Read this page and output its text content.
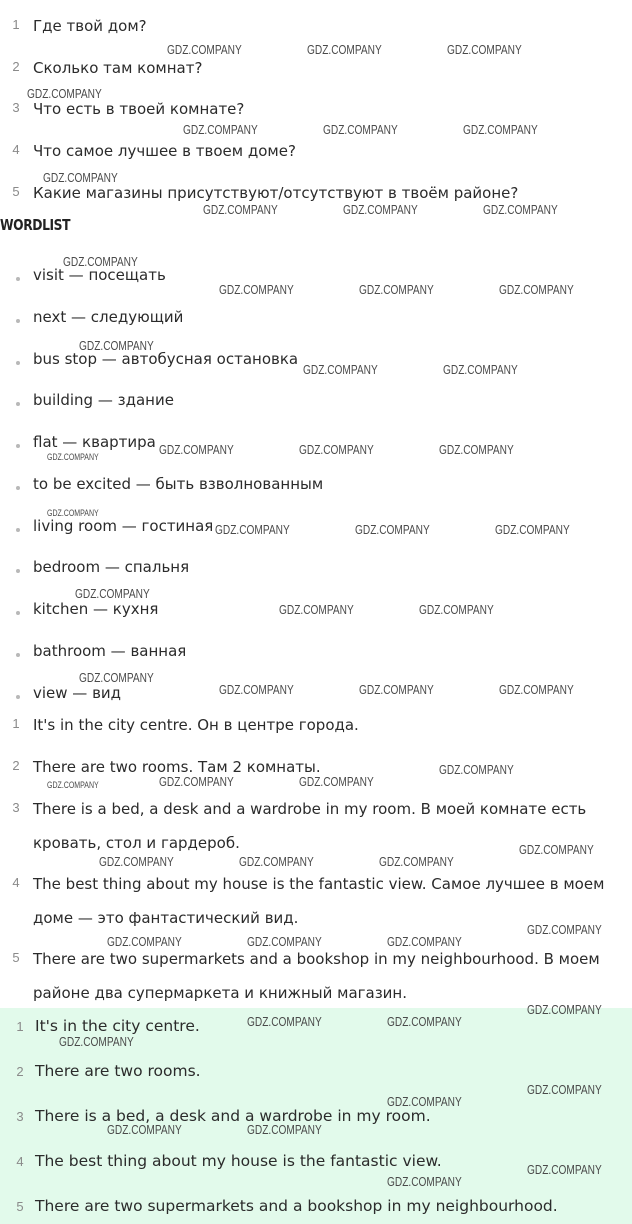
1 Где твой дом?
2 Сколько там комнат?
3 Что есть в твоей комнате?
4 Что самое лучшее в твоем доме?
5 Какие магазины присутствуют/отсутствуют в твоём районе?
WORDLIST
visit — посещать
next — следующий
bus stop — автобусная остановка
building — здание
flat — квартира
to be excited — быть взволнованным
living room — гостиная
bedroom — спальня
kitchen — кухня
bathroom — ванная
view — вид
1 It's in the city centre. Он в центре города.
2 There are two rooms. Там 2 комнаты.
3 There is a bed, a desk and a wardrobe in my room. В моей комнате есть кровать, стол и гардероб.
4 The best thing about my house is the fantastic view. Самое лучшее в моем доме — это фантастический вид.
5 There are two supermarkets and a bookshop in my neighbourhood. В моем районе два супермаркета и книжный магазин.
1 It's in the city centre.
2 There are two rooms.
3 There is a bed, a desk and a wardrobe in my room.
4 The best thing about my house is the fantastic view.
5 There are two supermarkets and a bookshop in my neighbourhood.
GDZ.COMPANY	GDZ.COMPANY	GDZ.COMPANY
GDZ.COMPANY
GDZ.COMPANY	GDZ.COMPANY	GDZ.COMPANY
GDZ.COMPANY
GDZ.COMPANY	GDZ.COMPANY	GDZ.COMPANY
GDZ.COMPANY
GDZ.COMPANY	GDZ.COMPANY	GDZ.COMPANY
GDZ.COMPANY
GDZ.COMPANY	GDZ.COMPANY
GDZ.COMPANY	GDZ.COMPANY	GDZ.COMPANY
GDZ.COMPANY
GDZ.COMPANY
GDZ.COMPANY	GDZ.COMPANY	GDZ.COMPANY
GDZ.COMPANY
GDZ.COMPANY	GDZ.COMPANY
GDZ.COMPANY
GDZ.COMPANY	GDZ.COMPANY	GDZ.COMPANY
GDZ.COMPANY
GDZ.COMPANY	GDZ.COMPANY	GDZ.COMPANY
GDZ.COMPANY
GDZ.COMPANY	GDZ.COMPANY	GDZ.COMPANY
GDZ.COMPANY
GDZ.COMPANY	GDZ.COMPANY	GDZ.COMPANY
GDZ.COMPANY
GDZ.COMPANY	GDZ.COMPANY
GDZ.COMPANY
GDZ.COMPANY
GDZ.COMPANY
GDZ.COMPANY	GDZ.COMPANY
GDZ.COMPANY
GDZ.COMPANY
